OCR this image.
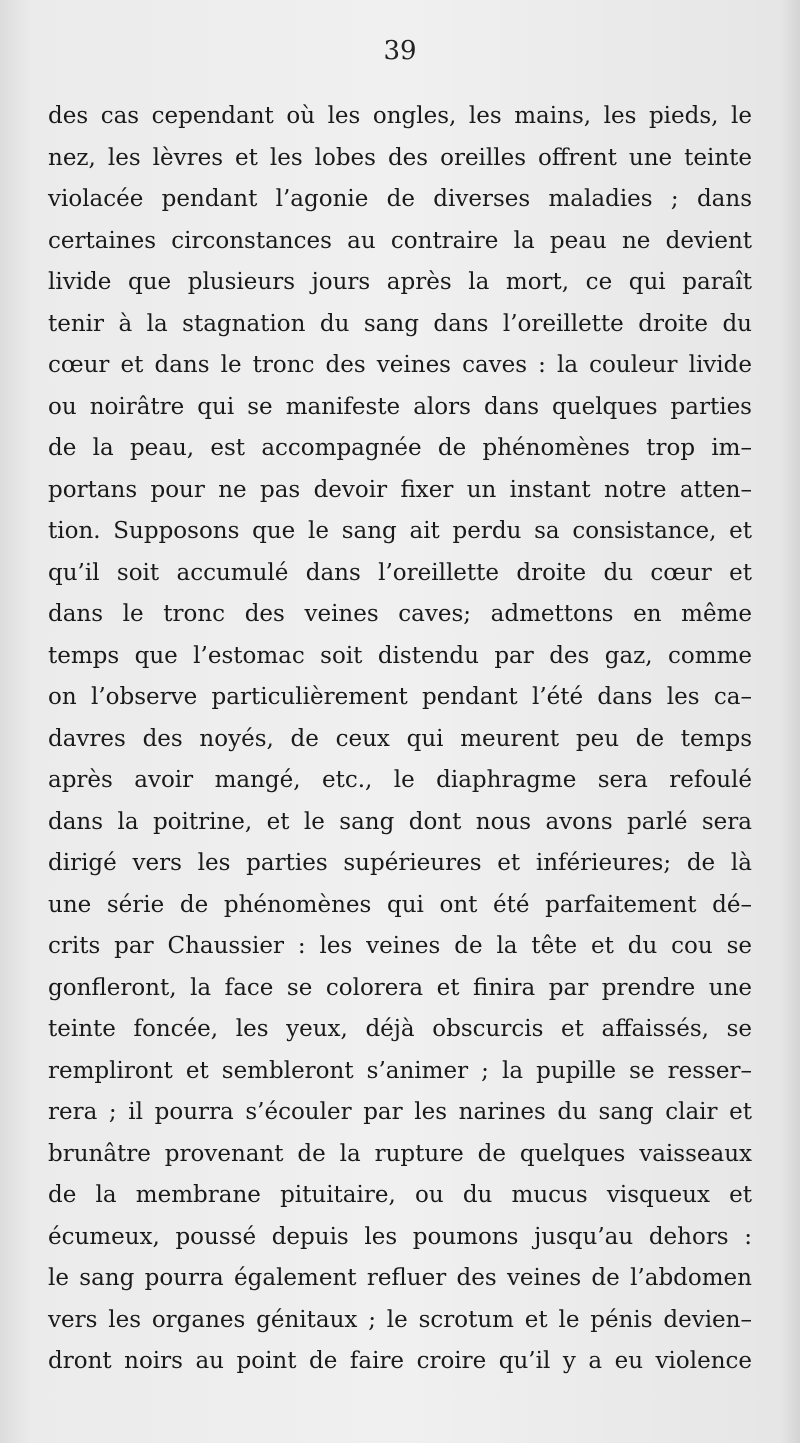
39
des cas cependant où les ongles, les mains, les pieds, le
nez, les lèvres et les lobes des oreilles offrent une teinte
violacée pendant l’agonie de diverses maladies ; dans
certaines circonstances au contraire la peau ne devient
livide que plusieurs jours après la mort, ce qui paraît
tenir à la stagnation du sang dans l’oreillette droite du
cœur et dans le tronc des veines caves : la couleur livide
ou noirâtre qui se manifeste alors dans quelques parties
de la peau, est accompagnée de phénomènes trop im–
portans pour ne pas devoir fixer un instant notre atten–
tion. Supposons que le sang ait perdu sa consistance, et
qu’il soit accumulé dans l’oreillette droite du cœur et
dans le tronc des veines caves; admettons en même
temps que l’estomac soit distendu par des gaz, comme
on l’observe particulièrement pendant l’été dans les ca–
davres des noyés, de ceux qui meurent peu de temps
après avoir mangé, etc., le diaphragme sera refoulé
dans la poitrine, et le sang dont nous avons parlé sera
dirigé vers les parties supérieures et inférieures; de là
une série de phénomènes qui ont été parfaitement dé–
crits par Chaussier : les veines de la tête et du cou se
gonfleront, la face se colorera et finira par prendre une
teinte foncée, les yeux, déjà obscurcis et affaissés, se
rempliront et sembleront s’animer ; la pupille se resser–
rera ; il pourra s’écouler par les narines du sang clair et
brunâtre provenant de la rupture de quelques vaisseaux
de la membrane pituitaire, ou du mucus visqueux et
écumeux, poussé depuis les poumons jusqu’au dehors :
le sang pourra également refluer des veines de l’abdomen
vers les organes génitaux ; le scrotum et le pénis devien–
dront noirs au point de faire croire qu’il y a eu violence
